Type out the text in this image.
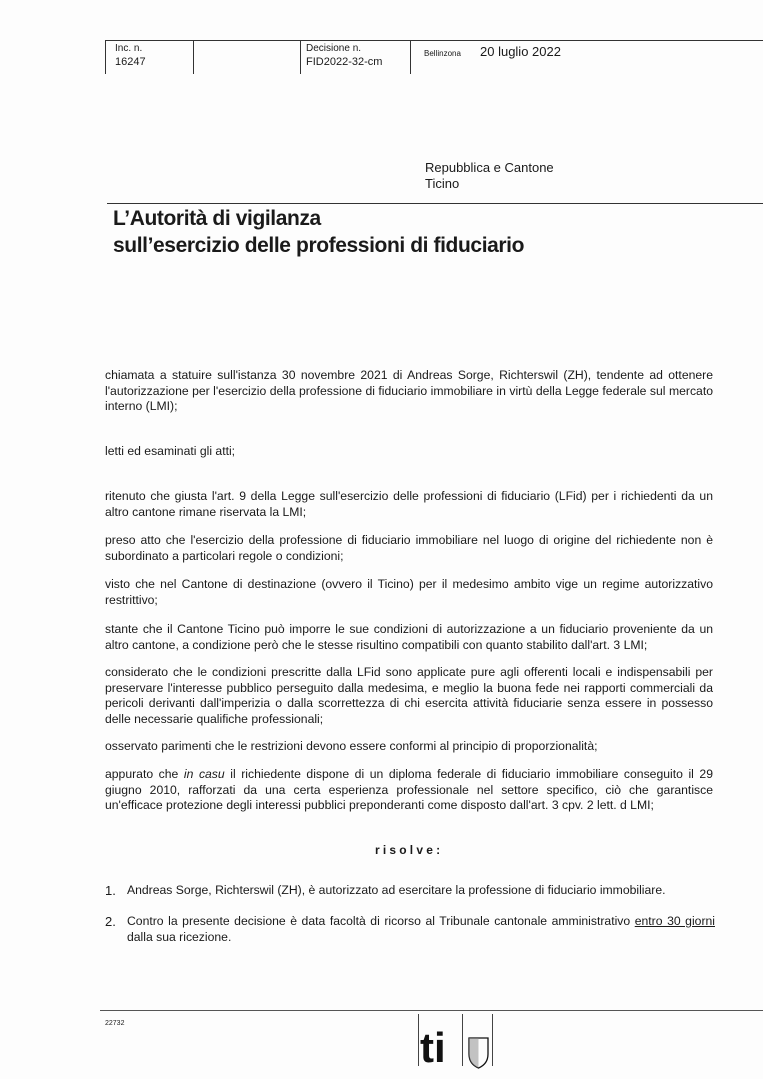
Inc. n.
16247
Decisione n.
FID2022-32-cm
Bellinzona 20 luglio 2022
Repubblica e Cantone
Ticino
L’Autorità di vigilanza
sull’esercizio delle professioni di fiduciario

chiamata a statuire sull'istanza 30 novembre 2021 di Andreas Sorge, Richterswil (ZH), tendente ad ottenere l'autorizzazione per l'esercizio della professione di fiduciario immobiliare in virtù della Legge federale sul mercato interno (LMI);

letti ed esaminati gli atti;

ritenuto che giusta l'art. 9 della Legge sull'esercizio delle professioni di fiduciario (LFid) per i richiedenti da un altro cantone rimane riservata la LMI;

preso atto che l'esercizio della professione di fiduciario immobiliare nel luogo di origine del richiedente non è subordinato a particolari regole o condizioni;

visto che nel Cantone di destinazione (ovvero il Ticino) per il medesimo ambito vige un regime autorizzativo restrittivo;

stante che il Cantone Ticino può imporre le sue condizioni di autorizzazione a un fiduciario proveniente da un altro cantone, a condizione però che le stesse risultino compatibili con quanto stabilito dall'art. 3 LMI;

considerato che le condizioni prescritte dalla LFid sono applicate pure agli offerenti locali e indispensabili per preservare l'interesse pubblico perseguito dalla medesima, e meglio la buona fede nei rapporti commerciali da pericoli derivanti dall'imperizia o dalla scorrettezza di chi esercita attività fiduciarie senza essere in possesso delle necessarie qualifiche professionali;

osservato parimenti che le restrizioni devono essere conformi al principio di proporzionalità;

appurato che in casu il richiedente dispone di un diploma federale di fiduciario immobiliare conseguito il 29 giugno 2010, rafforzati da una certa esperienza professionale nel settore specifico, ciò che garantisce un'efficace protezione degli interessi pubblici preponderanti come disposto dall'art. 3 cpv. 2 lett. d LMI;

risolve:
1. Andreas Sorge, Richterswil (ZH), è autorizzato ad esercitare la professione di fiduciario immobiliare.
2. Contro la presente decisione è data facoltà di ricorso al Tribunale cantonale amministrativo entro 30 giorni dalla sua ricezione.
22732
ti
